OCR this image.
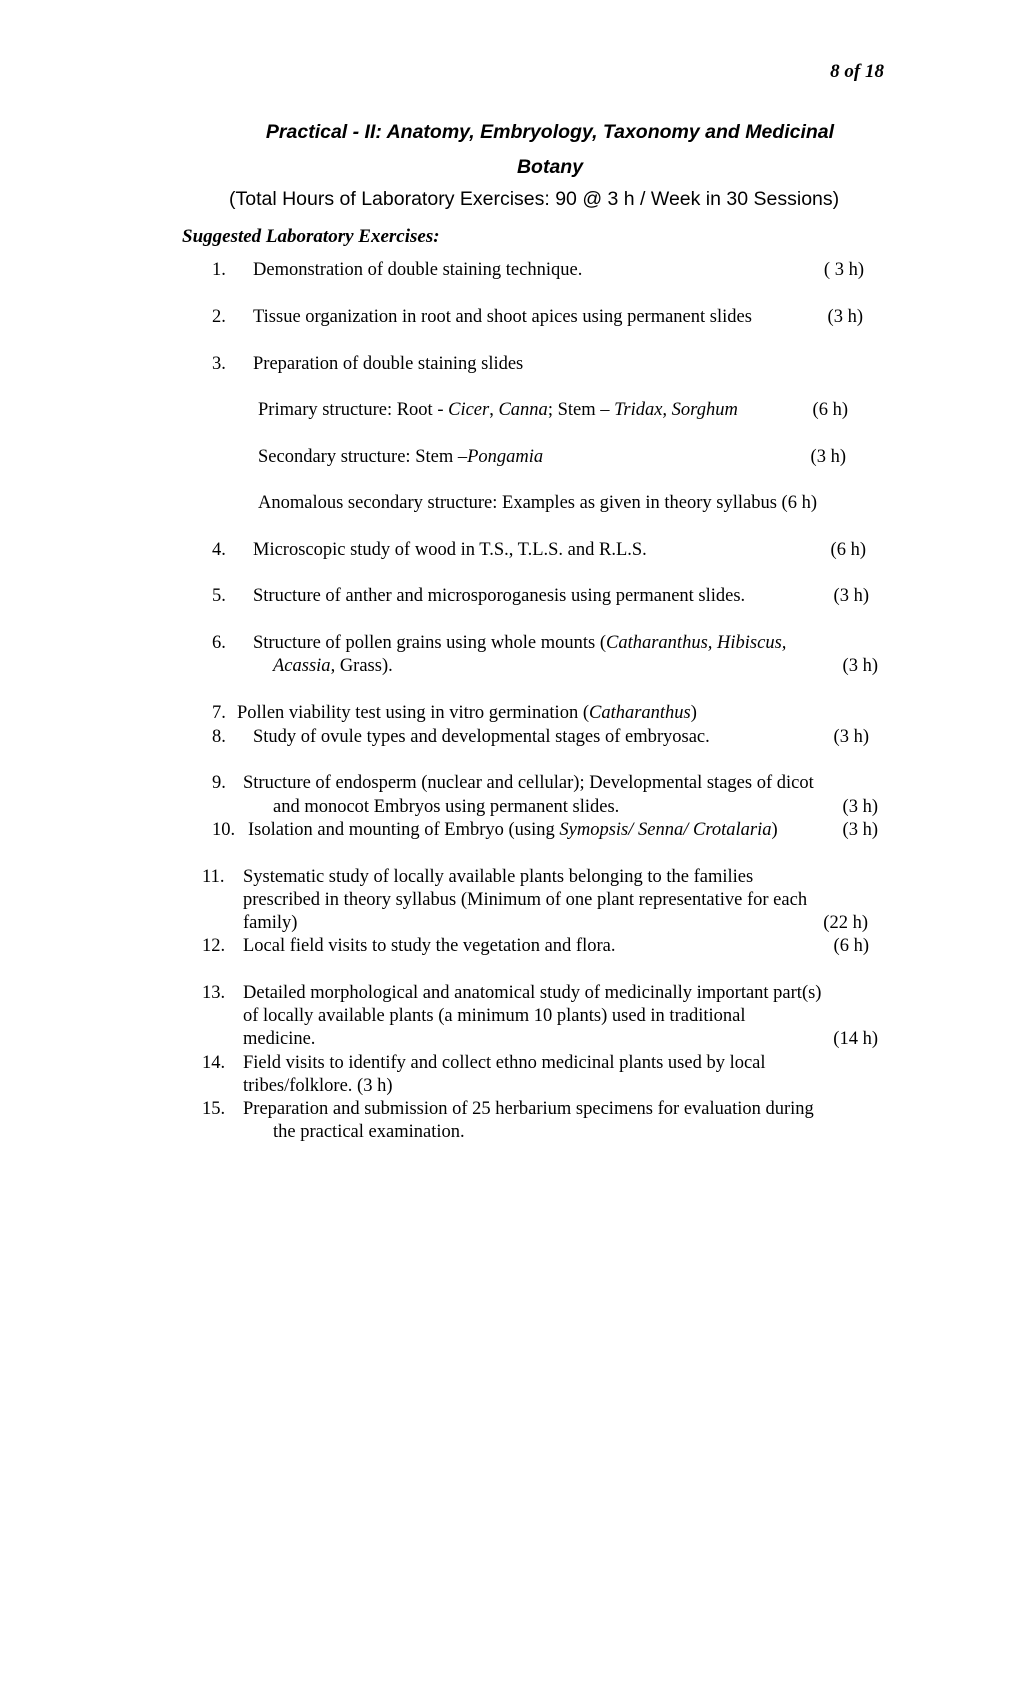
8 of 18
Practical - II: Anatomy, Embryology, Taxonomy and Medicinal
Botany
(Total Hours of Laboratory Exercises: 90 @ 3 h / Week in 30 Sessions)
Suggested Laboratory Exercises:
1. Demonstration of double staining technique.	( 3 h)
2. Tissue organization in root and shoot apices using permanent slides	(3 h)
3. Preparation of double staining slides
Primary structure: Root - Cicer, Canna; Stem – Tridax, Sorghum	(6 h)
Secondary structure: Stem –Pongamia	(3 h)
Anomalous secondary structure: Examples as given in theory syllabus (6 h)
4. Microscopic study of wood in T.S., T.L.S. and R.L.S.	(6 h)
5. Structure of anther and microsporoganesis using permanent slides.	(3 h)
6. Structure of pollen grains using whole mounts (Catharanthus, Hibiscus,
Acassia, Grass).	(3 h)
7. Pollen viability test using in vitro germination (Catharanthus)
8. Study of ovule types and developmental stages of embryosac.	(3 h)
9. Structure of endosperm (nuclear and cellular); Developmental stages of dicot
and monocot Embryos using permanent slides.	(3 h)
10. Isolation and mounting of Embryo (using Symopsis/ Senna/ Crotalaria)	(3 h)
11. Systematic study of locally available plants belonging to the families
prescribed in theory syllabus (Minimum of one plant representative for each
family)	(22 h)
12. Local field visits to study the vegetation and flora.	(6 h)
13. Detailed morphological and anatomical study of medicinally important part(s)
of locally available plants (a minimum 10 plants) used in traditional
medicine.	(14 h)
14. Field visits to identify and collect ethno medicinal plants used by local
tribes/folklore. (3 h)
15. Preparation and submission of 25 herbarium specimens for evaluation during
the practical examination.
